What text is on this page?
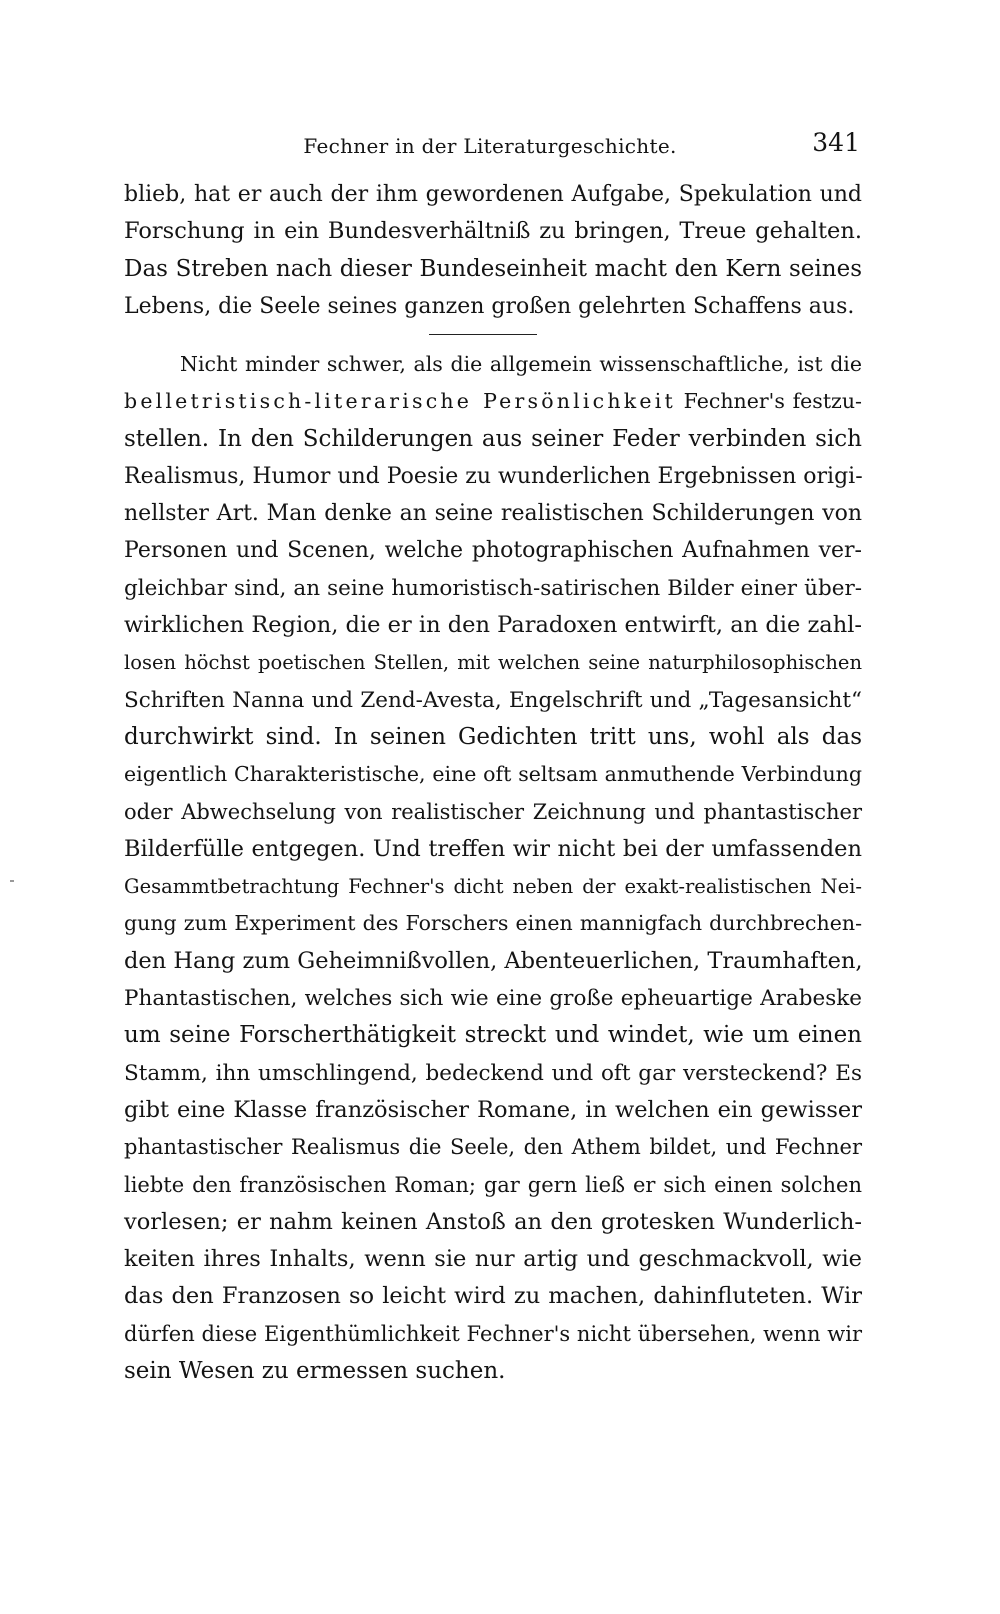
Fechner in der Literaturgeschichte.	341
blieb, hat er auch der ihm gewordenen Aufgabe, Spekulation und
Forschung in ein Bundesverhältniß zu bringen, Treue gehalten.
Das Streben nach dieser Bundeseinheit macht den Kern seines
Lebens, die Seele seines ganzen großen gelehrten Schaffens aus.
Nicht minder schwer, als die allgemein wissenschaftliche, ist die
belletristisch-literarische Persönlichkeit Fechner's festzu-
stellen. In den Schilderungen aus seiner Feder verbinden sich
Realismus, Humor und Poesie zu wunderlichen Ergebnissen origi-
nellster Art. Man denke an seine realistischen Schilderungen von
Personen und Scenen, welche photographischen Aufnahmen ver-
gleichbar sind, an seine humoristisch-satirischen Bilder einer über-
wirklichen Region, die er in den Paradoxen entwirft, an die zahl-
losen höchst poetischen Stellen, mit welchen seine naturphilosophischen
Schriften Nanna und Zend-Avesta, Engelschrift und „Tagesansicht“
durchwirkt sind. In seinen Gedichten tritt uns, wohl als das
eigentlich Charakteristische, eine oft seltsam anmuthende Verbindung
oder Abwechselung von realistischer Zeichnung und phantastischer
Bilderfülle entgegen. Und treffen wir nicht bei der umfassenden
Gesammtbetrachtung Fechner's dicht neben der exakt-realistischen Nei-
gung zum Experiment des Forschers einen mannigfach durchbrechen-
den Hang zum Geheimnißvollen, Abenteuerlichen, Traumhaften,
Phantastischen, welches sich wie eine große epheuartige Arabeske
um seine Forscherthätigkeit streckt und windet, wie um einen
Stamm, ihn umschlingend, bedeckend und oft gar versteckend? Es
gibt eine Klasse französischer Romane, in welchen ein gewisser
phantastischer Realismus die Seele, den Athem bildet, und Fechner
liebte den französischen Roman; gar gern ließ er sich einen solchen
vorlesen; er nahm keinen Anstoß an den grotesken Wunderlich-
keiten ihres Inhalts, wenn sie nur artig und geschmackvoll, wie
das den Franzosen so leicht wird zu machen, dahinfluteten. Wir
dürfen diese Eigenthümlichkeit Fechner's nicht übersehen, wenn wir
sein Wesen zu ermessen suchen.
